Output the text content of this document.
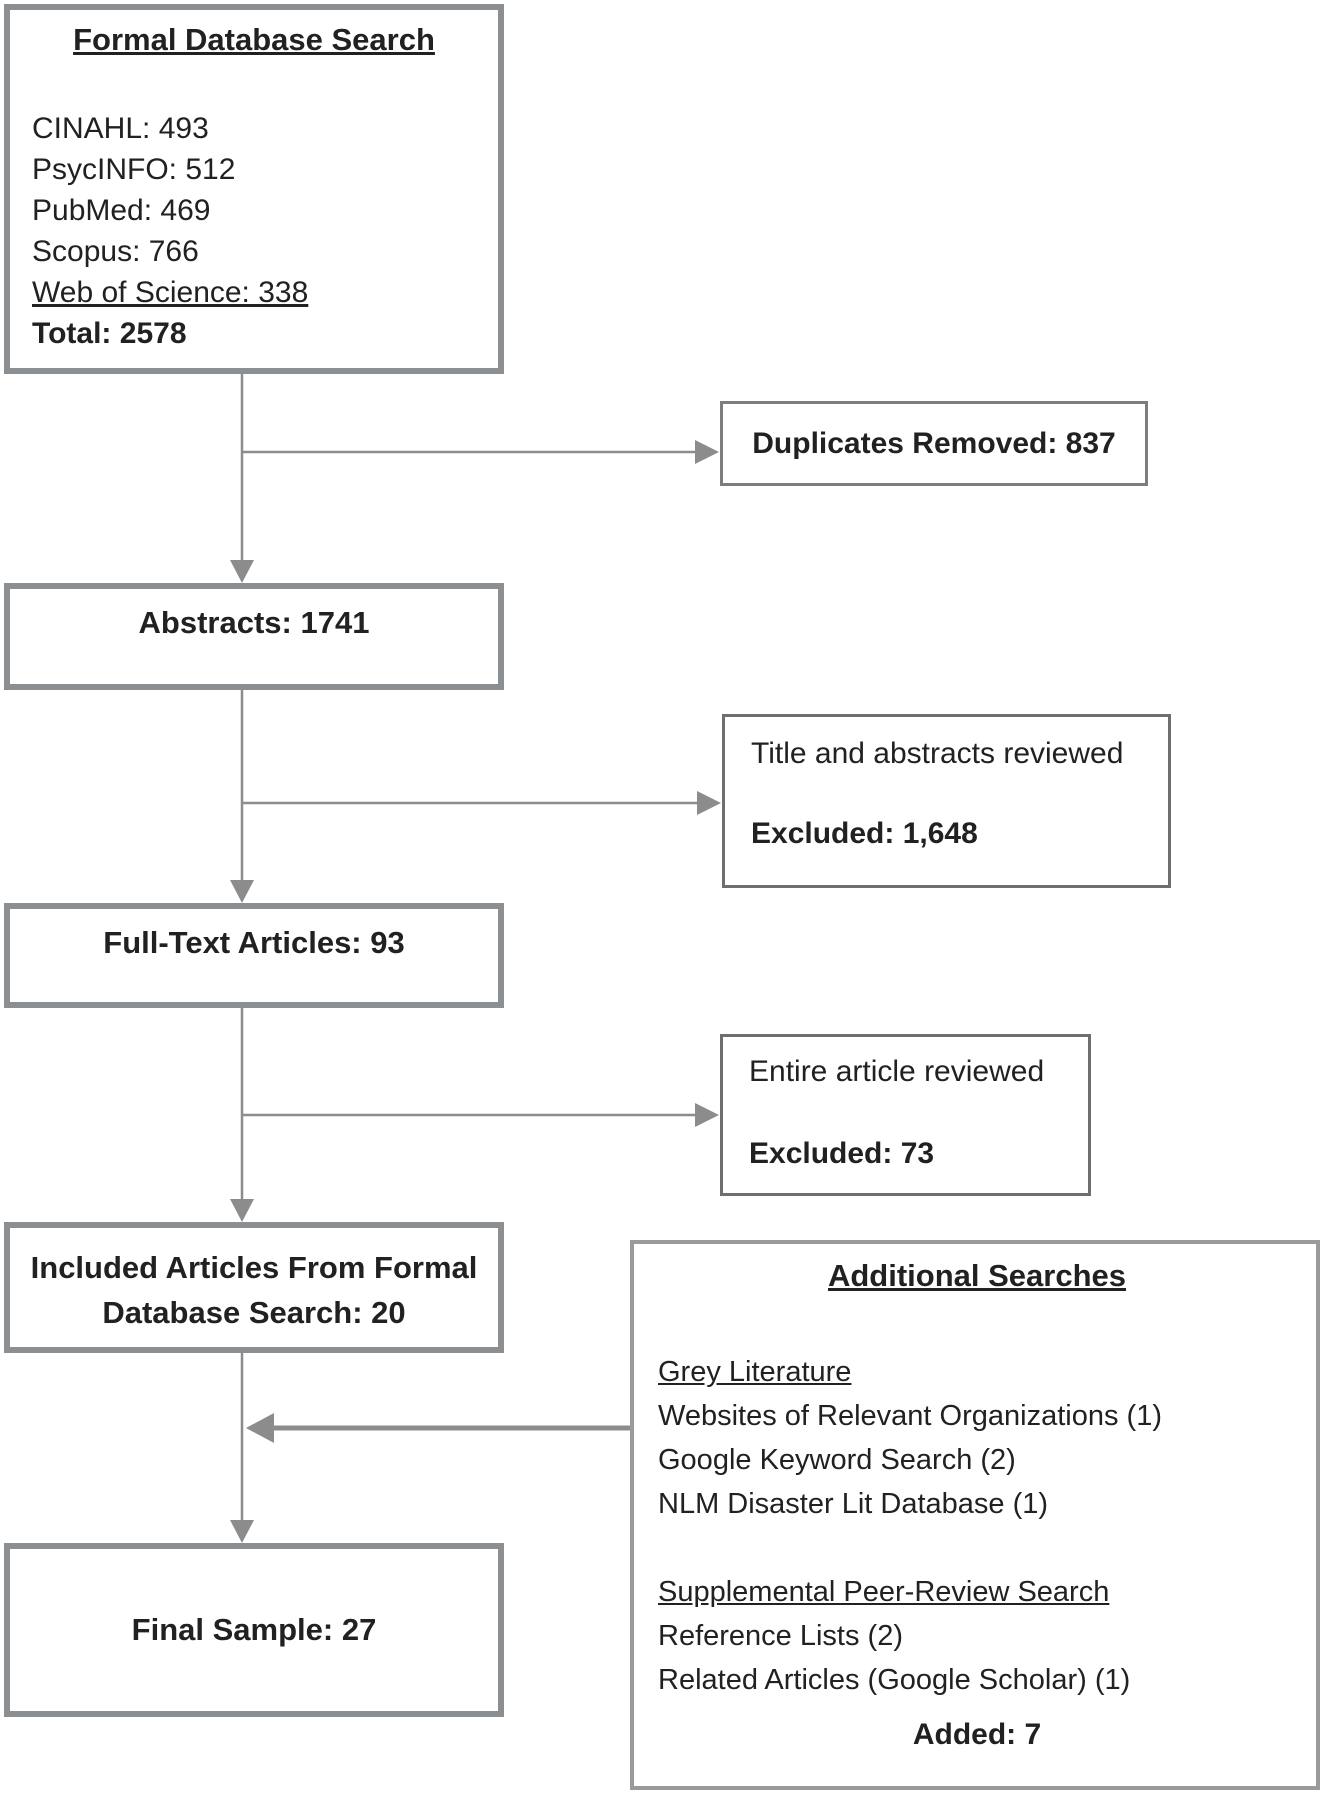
Formal Database Search
CINAHL: 493
PsycINFO: 512
PubMed: 469
Scopus: 766
Web of Science: 338
Total: 2578
Duplicates Removed: 837
Abstracts: 1741
Title and abstracts reviewed
Excluded: 1,648
Full-Text Articles: 93
Entire article reviewed
Excluded: 73
Included Articles From Formal
Database Search: 20
Additional Searches
Grey Literature
Websites of Relevant Organizations (1)
Google Keyword Search (2)
NLM Disaster Lit Database (1)
Supplemental Peer-Review Search
Reference Lists (2)
Related Articles (Google Scholar) (1)
Added: 7
Final Sample: 27
